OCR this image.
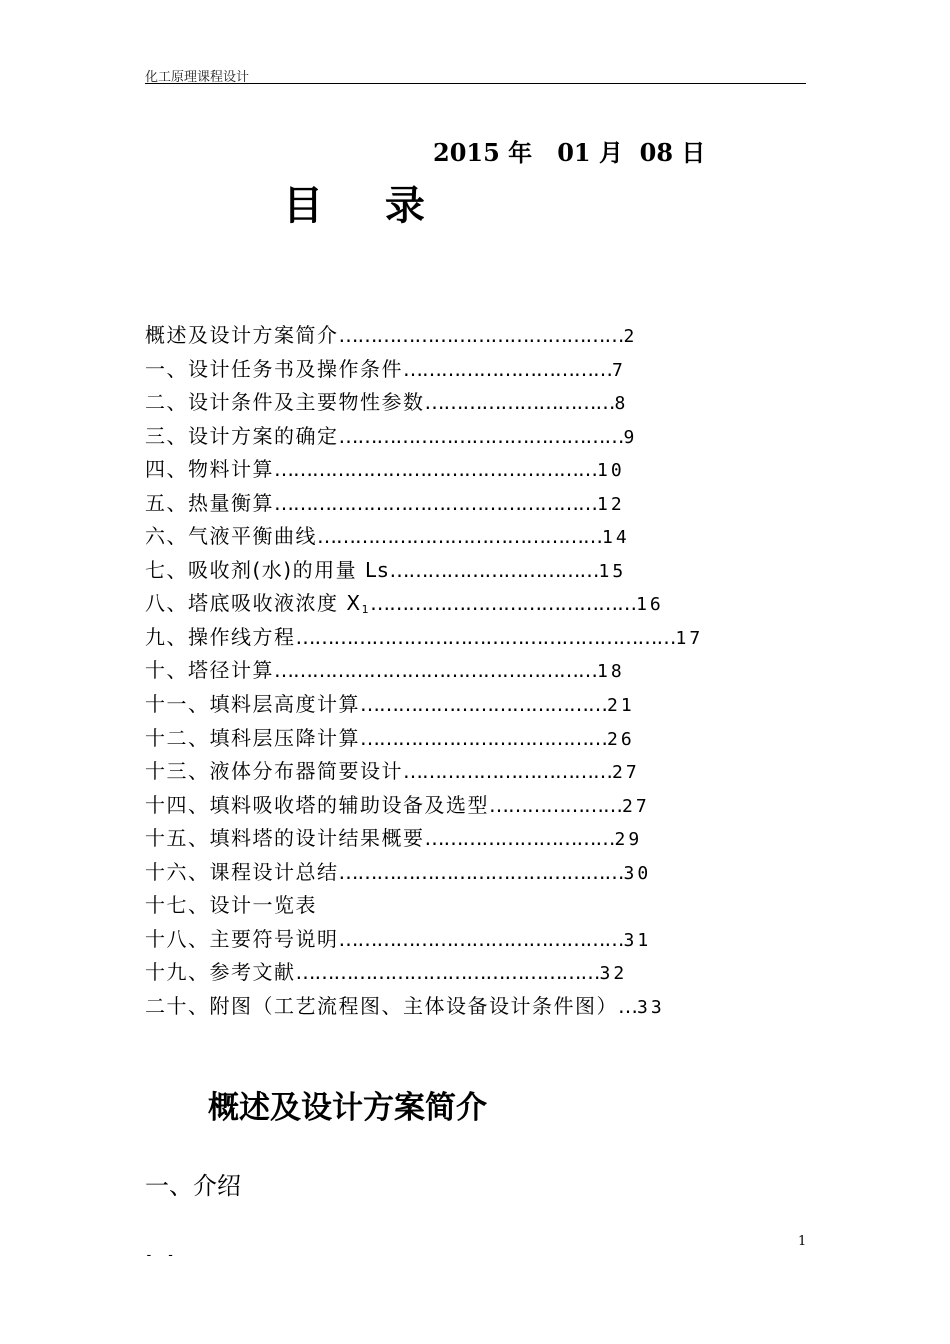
化工原理课程设计
2015 年   01 月  08 日
目 录
概述及设计方案简介………………………………………2
一、设计任务书及操作条件……………………………7
二、设计条件及主要物性参数…………………………8
三、设计方案的确定………………………………………9
四、物料计算……………………………………………10
五、热量衡算……………………………………………12
六、气液平衡曲线………………………………………14
七、吸收剂(水)的用量 Ls……………………………15
八、塔底吸收液浓度 X1……………………………………16
九、操作线方程……………………………………………………17
十、塔径计算……………………………………………18
十一、填料层高度计算…………………………………21
十二、填科层压降计算…………………………………26
十三、液体分布器简要设计……………………………27
十四、填料吸收塔的辅助设备及选型…………………27
十五、填料塔的设计结果概要…………………………29
十六、课程设计总结………………………………………30
十七、设计一览表
十八、主要符号说明………………………………………31
十九、参考文献…………………………………………32
二十、附图（工艺流程图、主体设备设计条件图）…33
概述及设计方案简介
一、介绍
1
- -
